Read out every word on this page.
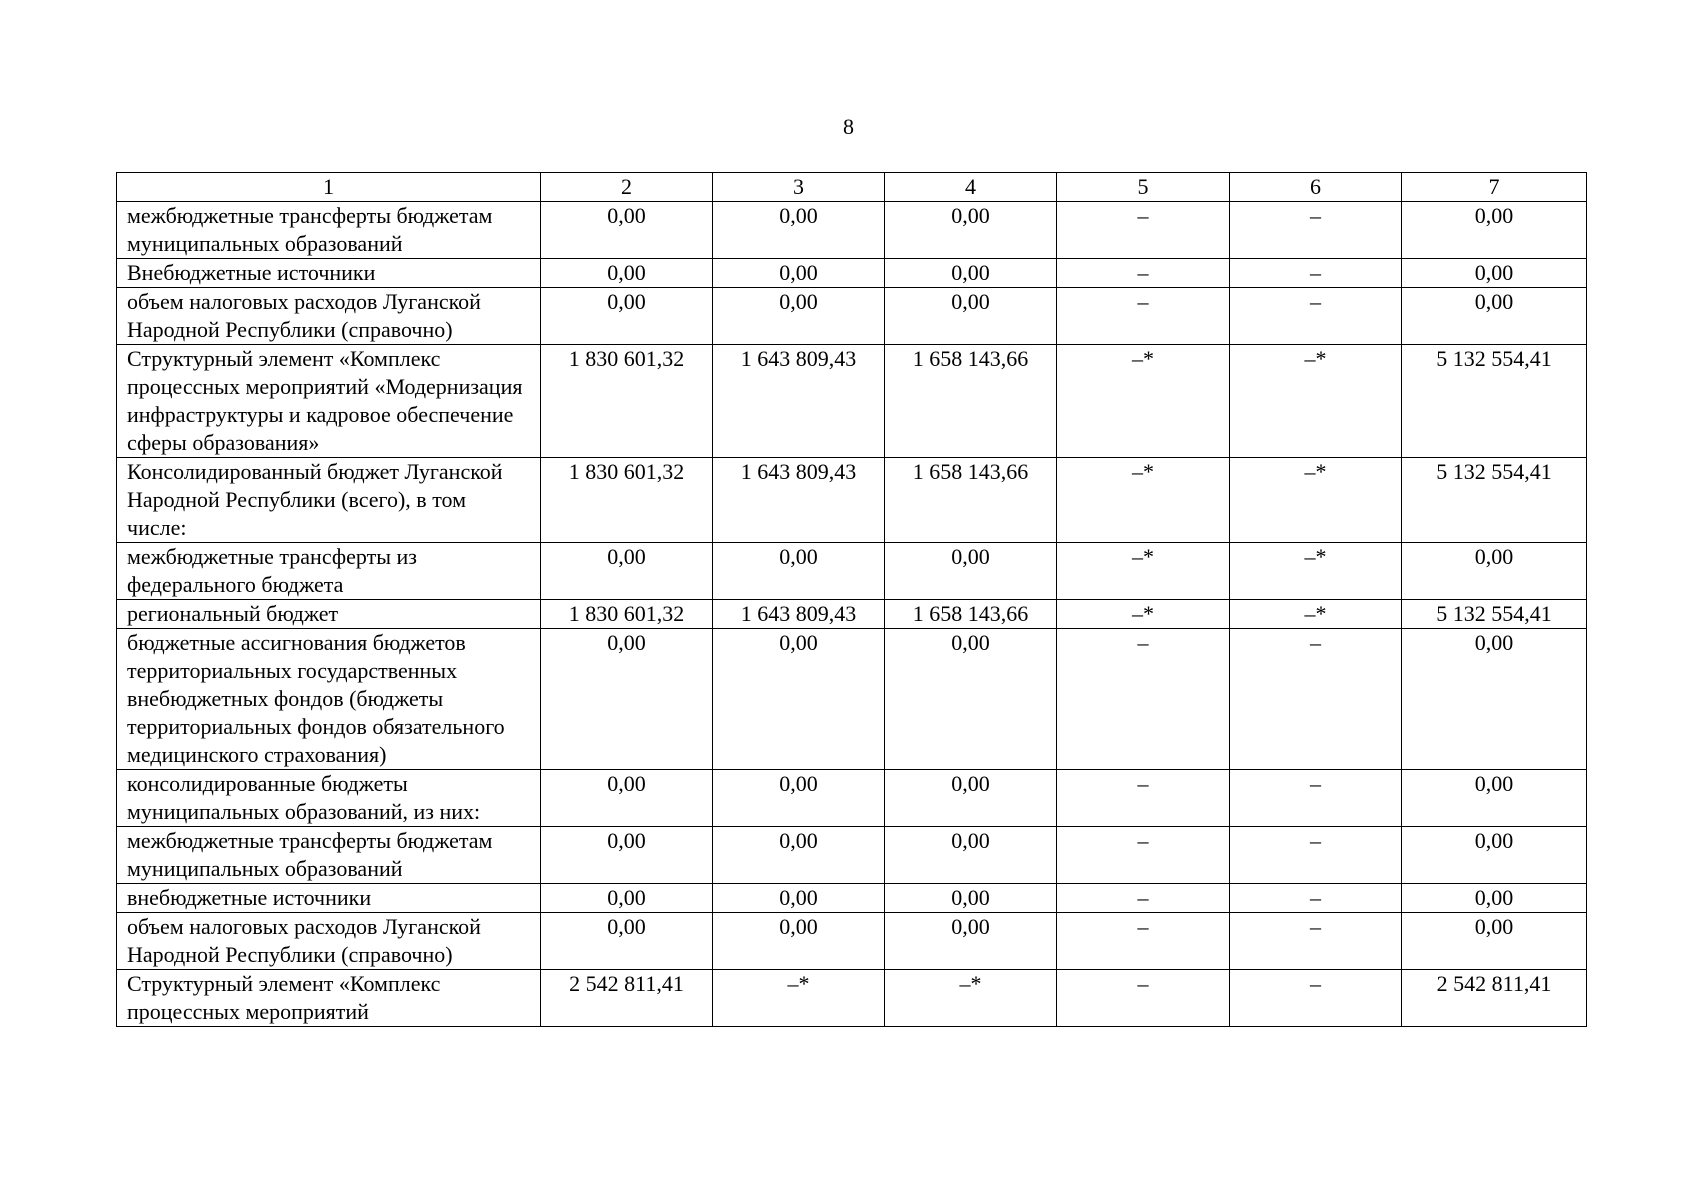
8
1	2	3	4	5	6	7
межбюджетные трансферты бюджетам муниципальных образований	0,00	0,00	0,00	–	–	0,00
Внебюджетные источники	0,00	0,00	0,00	–	–	0,00
объем налоговых расходов Луганской Народной Республики (справочно)	0,00	0,00	0,00	–	–	0,00
Структурный элемент «Комплекс процессных мероприятий «Модернизация инфраструктуры и кадровое обеспечение сферы образования»	1 830 601,32	1 643 809,43	1 658 143,66	–*	–*	5 132 554,41
Консолидированный бюджет Луганской Народной Республики (всего), в том числе:	1 830 601,32	1 643 809,43	1 658 143,66	–*	–*	5 132 554,41
межбюджетные трансферты из федерального бюджета	0,00	0,00	0,00	–*	–*	0,00
региональный бюджет	1 830 601,32	1 643 809,43	1 658 143,66	–*	–*	5 132 554,41
бюджетные ассигнования бюджетов территориальных государственных внебюджетных фондов (бюджеты территориальных фондов обязательного медицинского страхования)	0,00	0,00	0,00	–	–	0,00
консолидированные бюджеты муниципальных образований, из них:	0,00	0,00	0,00	–	–	0,00
межбюджетные трансферты бюджетам муниципальных образований	0,00	0,00	0,00	–	–	0,00
внебюджетные источники	0,00	0,00	0,00	–	–	0,00
объем налоговых расходов Луганской Народной Республики (справочно)	0,00	0,00	0,00	–	–	0,00
Структурный элемент «Комплекс процессных мероприятий	2 542 811,41	–*	–*	–	–	2 542 811,41
